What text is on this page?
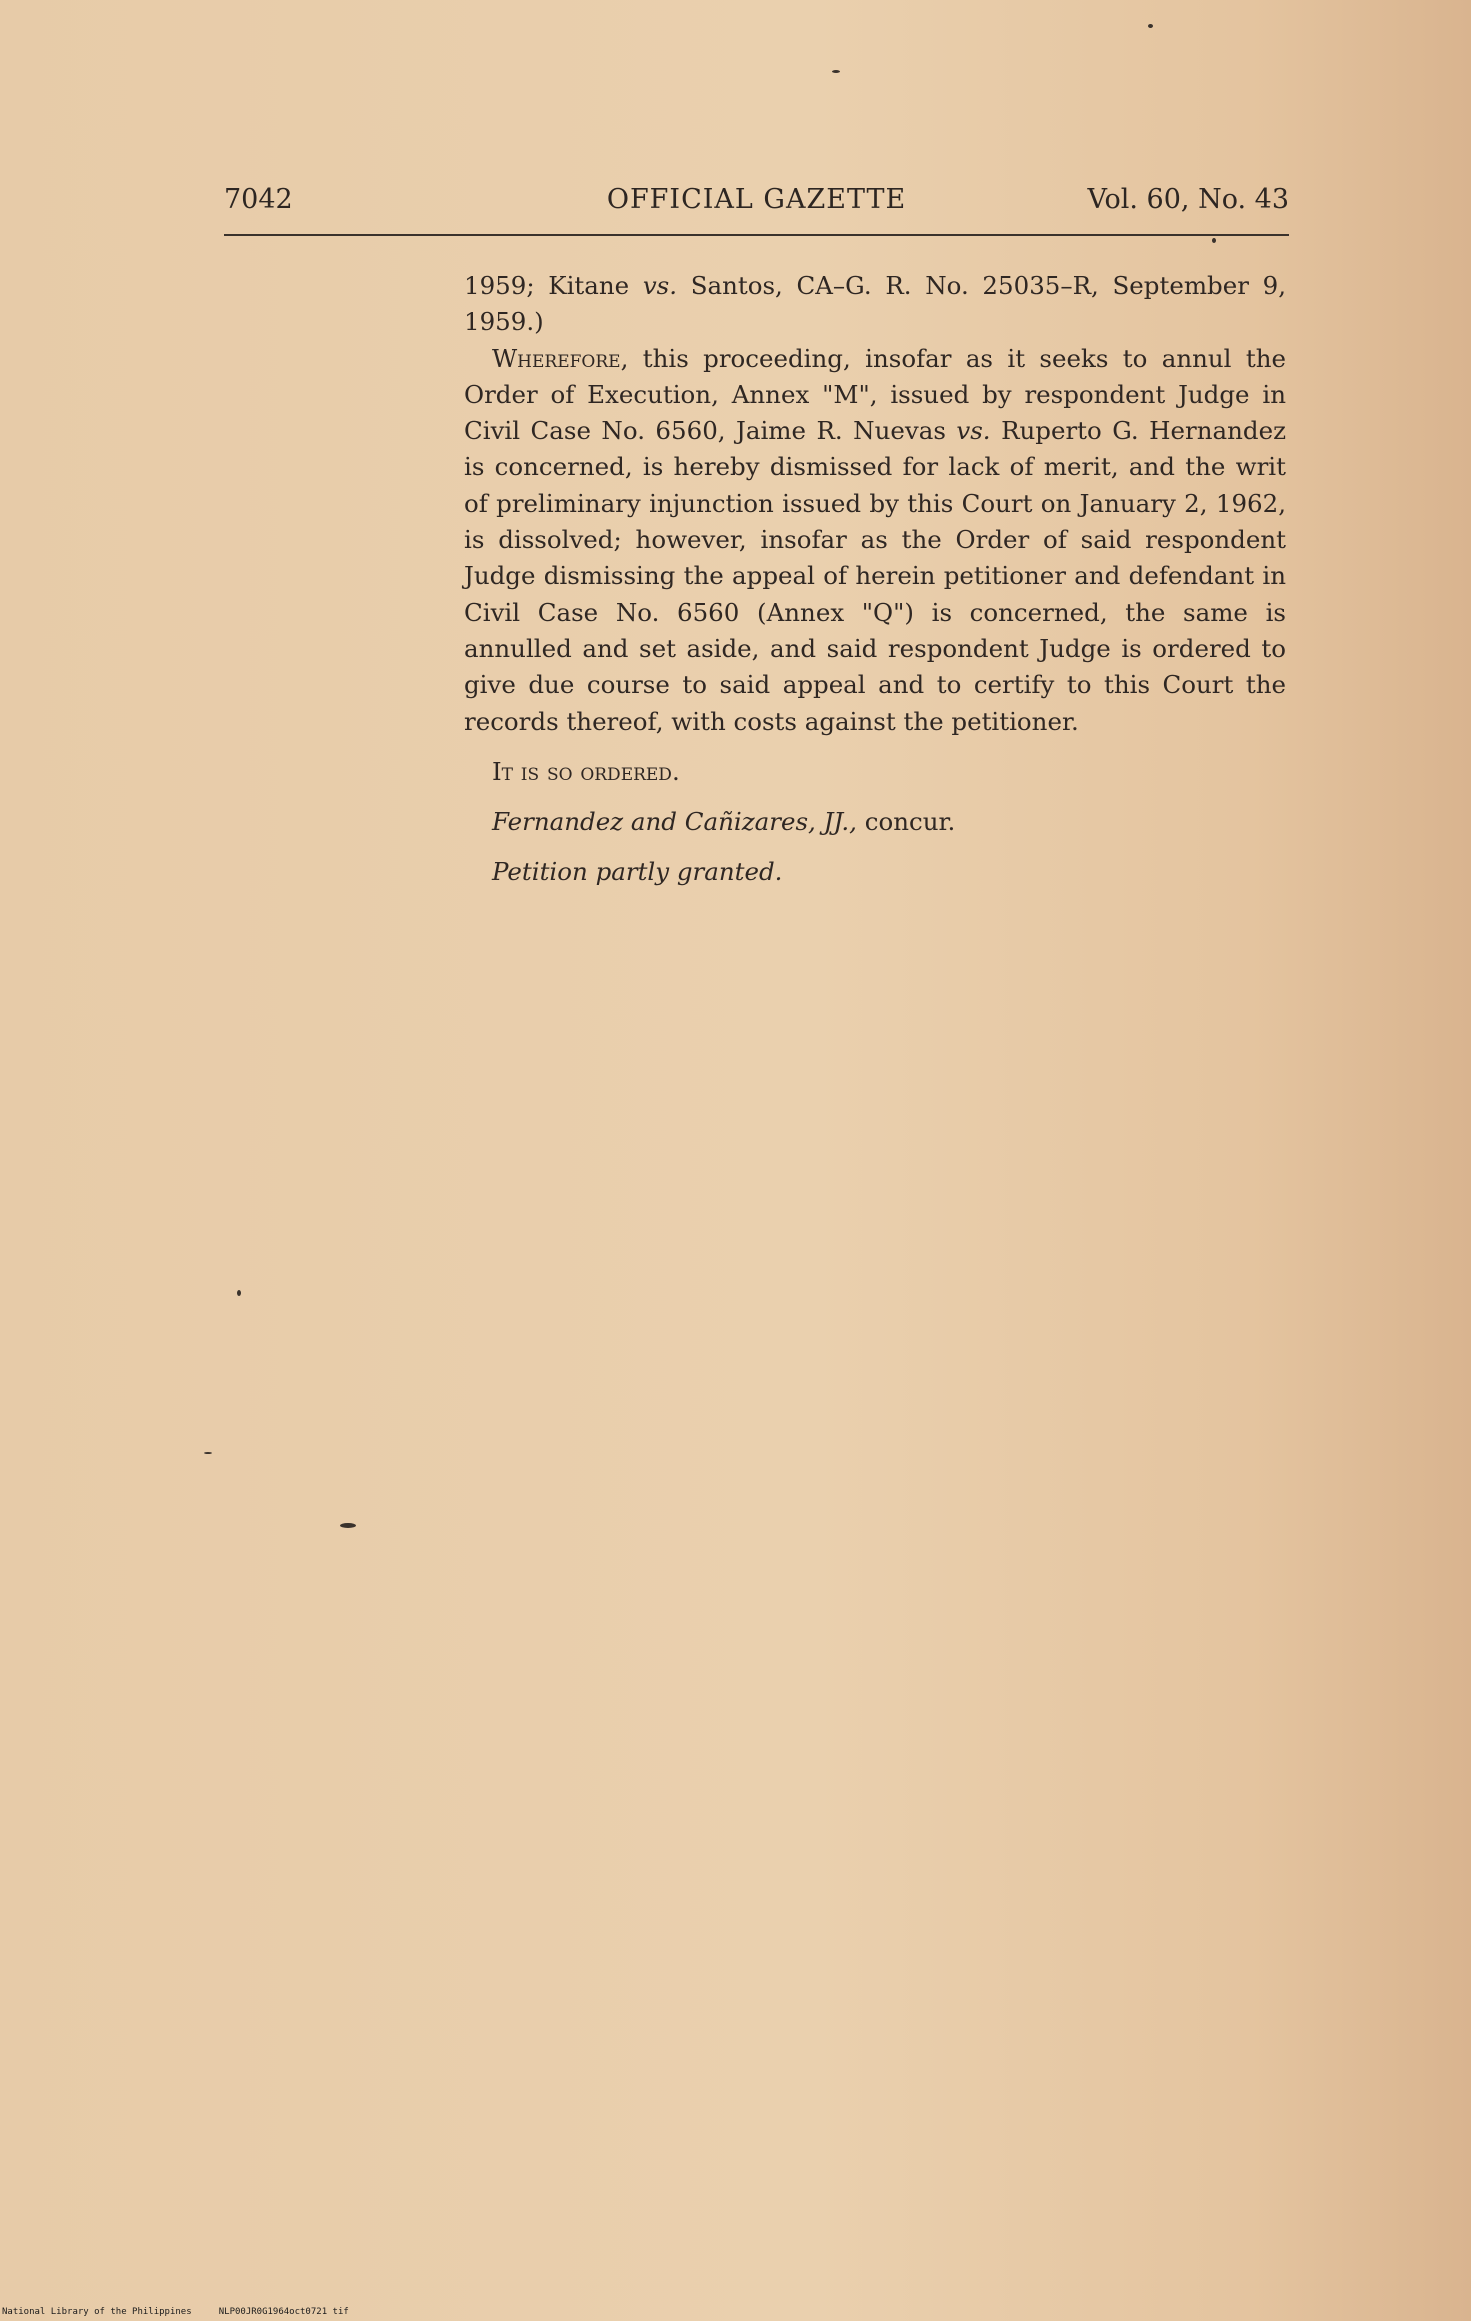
7042	OFFICIAL GAZETTE	Vol. 60, No. 43

1959; Kitane vs. Santos, CA–G. R. No. 25035–R, September 9, 1959.)

Wherefore, this proceeding, insofar as it seeks to annul the Order of Execution, Annex "M", issued by respondent Judge in Civil Case No. 6560, Jaime R. Nuevas vs. Ruperto G. Hernandez is concerned, is hereby dismissed for lack of merit, and the writ of preliminary injunction issued by this Court on January 2, 1962, is dissolved; however, insofar as the Order of said respondent Judge dismissing the appeal of herein petitioner and defendant in Civil Case No. 6560 (Annex "Q") is concerned, the same is annulled and set aside, and said respondent Judge is ordered to give due course to said appeal and to certify to this Court the records thereof, with costs against the petitioner.

It is so ordered.

Fernandez and Cañizares, JJ., concur.

Petition partly granted.

National Library of the Philippines     NLP00JR0G1964oct0721 tif
